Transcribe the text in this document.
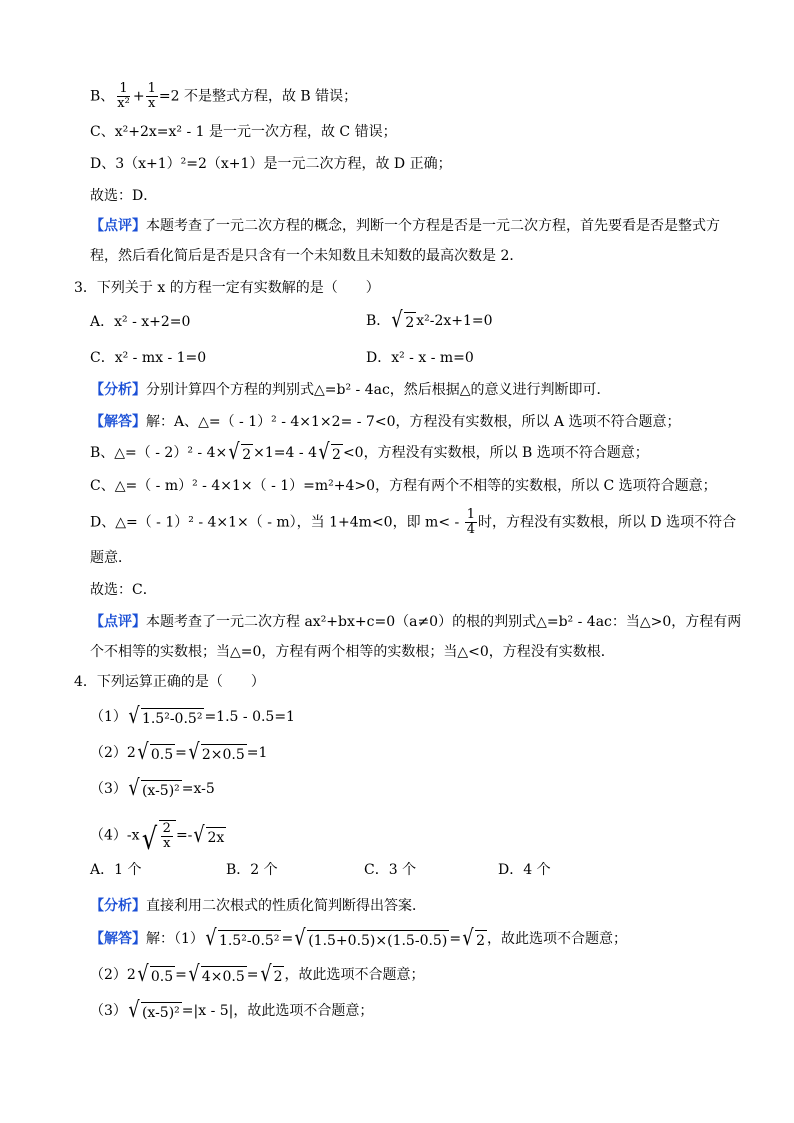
B、 $\frac{1}{\text{x²}} + \frac{1}{x} =2$ 不是整式方程，故 B 错误；
C、x²+2x=x² - 1 是一元一次方程，故 C 错误；
D、3（x+1）²=2（x+1）是一元二次方程，故 D 正确；
故选：D．
【点评】本题考查了一元二次方程的概念，判断一个方程是否是一元二次方程，首先要看是否是整式方
程，然后看化简后是否是只含有一个未知数且未知数的最高次数是 2．
3．下列关于 x 的方程一定有实数解的是（　　）
A．x² - x+2=0	B． √ 2 x²-2x+1=0
C．x² - mx - 1=0	D．x² - x - m=0
【分析】分别计算四个方程的判别式△=b² - 4ac，然后根据△的意义进行判断即可．
【解答】解：A、△=（ - 1）² - 4×1×2= - 7<0，方程没有实数根，所以 A 选项不符合题意；
B、△=（ - 2）² - 4× √ 2 ×1=4 - 4 √ 2 <0，方程没有实数根，所以 B 选项不符合题意；
C、△=（ - m）² - 4×1×（ - 1）=m²+4>0，方程有两个不相等的实数根，所以 C 选项符合题意；
D、△=（ - 1）² - 4×1×（ - m），当 1+4m<0，即 $m< - \frac{1}{4}$ 时，方程没有实数根，所以 D 选项不符合
题意．
故选：C．
【点评】本题考查了一元二次方程 ax²+bx+c=0（a≠0）的根的判别式△=b² - 4ac：当△>0，方程有两
个不相等的实数根；当△=0，方程有两个相等的实数根；当△<0，方程没有实数根．
4．下列运算正确的是（　　）
（1） √ 1.5²-0.5² =1.5 - 0.5=1
（2）2 √ 0.5 = √ 2×0.5 =1
（3） √ (x-5)² =x-5
（4）-x √ $\frac{2}{x}$ =- √ 2x
A．1 个	B．2 个	C．3 个	D．4 个
【分析】直接利用二次根式的性质化简判断得出答案．
【解答】解：（1） √ 1.5²-0.5² = √ (1.5+0.5)×(1.5-0.5) = √ 2 ，故此选项不合题意；
（2）2 √ 0.5 = √ 4×0.5 = √ 2 ，故此选项不合题意；
（3） √ (x-5)² =|x - 5|，故此选项不合题意；
